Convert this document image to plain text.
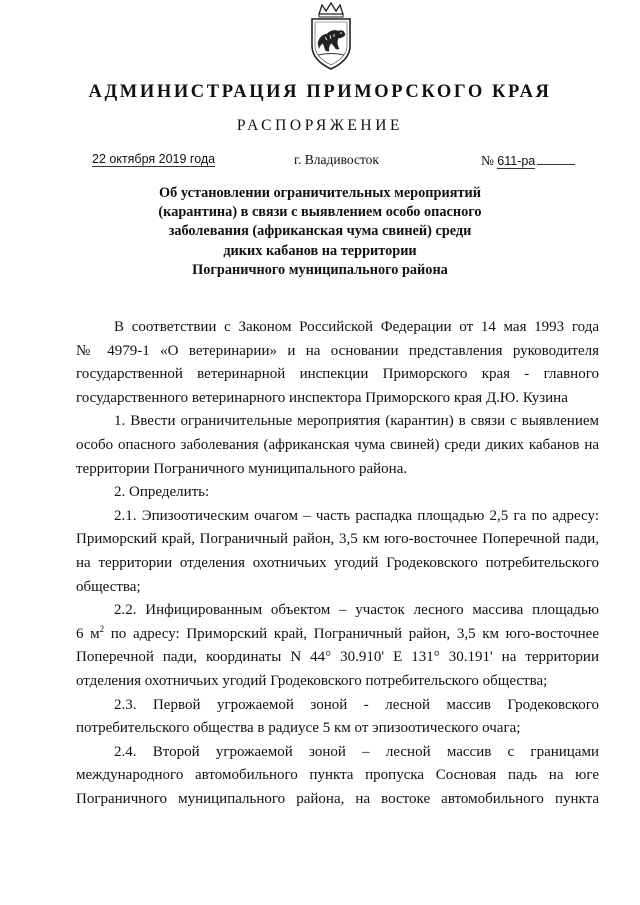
АДМИНИСТРАЦИЯ ПРИМОРСКОГО КРАЯ
РАСПОРЯЖЕНИЕ
22 октября 2019 года	г. Владивосток	№ 611-ра
Об установлении ограничительных мероприятий
(карантина) в связи с выявлением особо опасного
заболевания (африканская чума свиней) среди
диких кабанов на территории
Пограничного муниципального района
В соответствии с Законом Российской Федерации от 14 мая 1993 года
№ 4979-1 «О ветеринарии» и на основании представления руководителя
государственной ветеринарной инспекции Приморского края - главного
государственного ветеринарного инспектора Приморского края Д.Ю. Кузина
1. Ввести ограничительные мероприятия (карантин) в связи с выявлением
особо опасного заболевания (африканская чума свиней) среди диких кабанов на
территории Пограничного муниципального района.
2. Определить:
2.1. Эпизоотическим очагом – часть распадка площадью 2,5 га по адресу:
Приморский край, Пограничный район, 3,5 км юго-восточнее Поперечной пади,
на территории отделения охотничьих угодий Гродековского потребительского
общества;
2.2. Инфицированным объектом – участок лесного массива площадью
6 $м^2$ по адресу: Приморский край, Пограничный район, 3,5 км юго-восточнее
Поперечной пади, координаты N 44° 30.910' E 131° 30.191' на территории
отделения охотничьих угодий Гродековского потребительского общества;
2.3. Первой угрожаемой зоной - лесной массив Гродековского
потребительского общества в радиусе 5 км от эпизоотического очага;
2.4. Второй угрожаемой зоной – лесной массив с границами
международного автомобильного пункта пропуска Сосновая падь на юге
Пограничного муниципального района, на востоке автомобильного пункта
